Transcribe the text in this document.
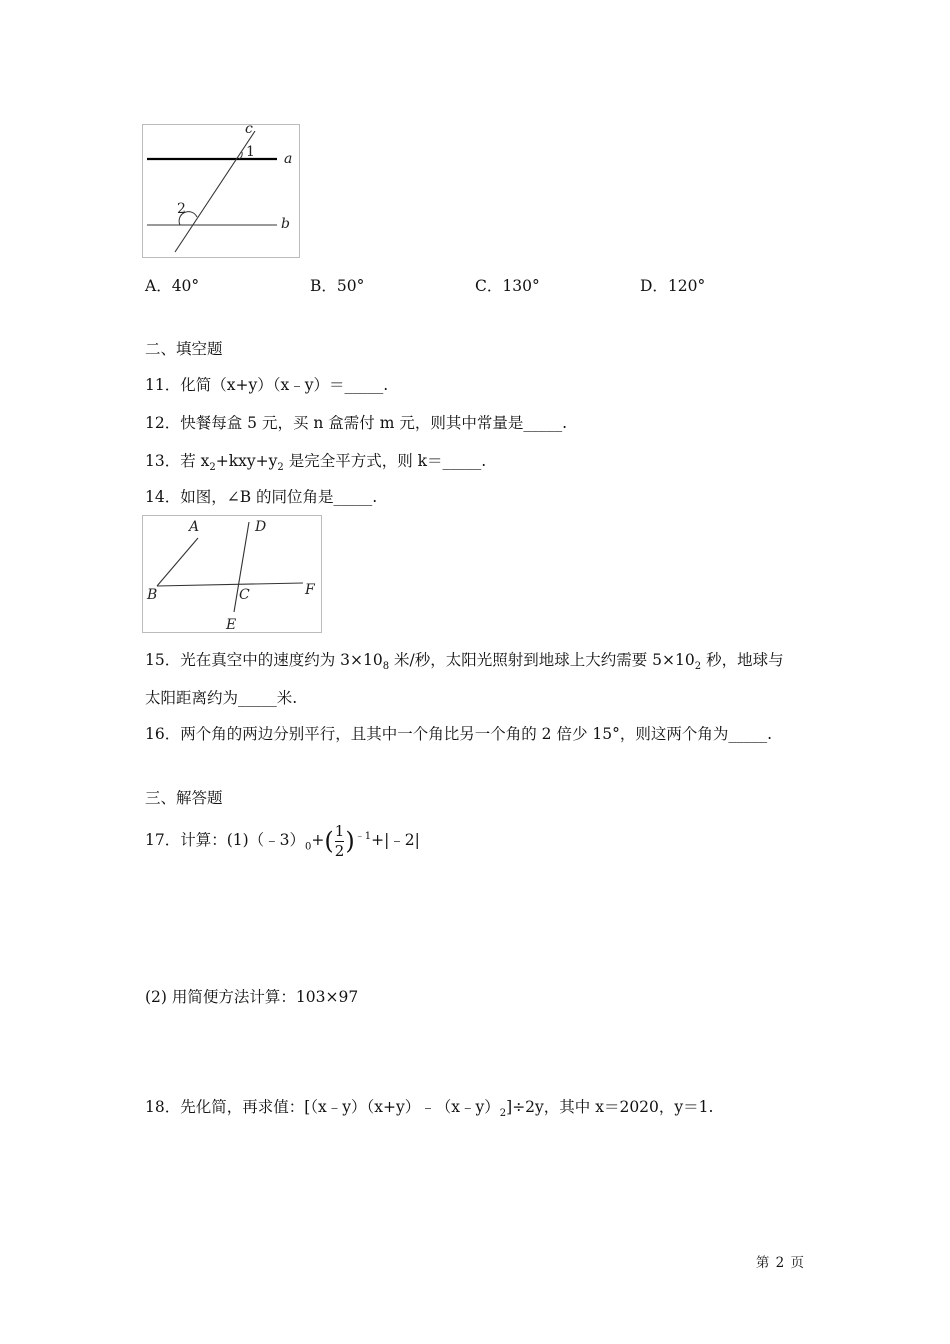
c
a
b
1
2
A．40°	B．50°	C．130°	D．120°
二、填空题
11．化简（x+y）（x﹣y）＝_____.
12．快餐每盒 5 元，买 n 盒需付 m 元，则其中常量是_____.
13．若 $x_2+kxy+y_2$ 是完全平方式，则 k＝_____.
14．如图，∠B 的同位角是_____.
A
B	C
D
E
F
15．光在真空中的速度约为 $3\times 10_8$ 米/秒，太阳光照射到地球上大约需要 $5\times 10_2$ 秒，地球与
太阳距离约为_____米.
16．两个角的两边分别平行，且其中一个角比另一个角的 2 倍少 15°，则这两个角为_____.
三、解答题
17．计算：$(1)(﹣3)_0+( \frac{1}{2}$ )$^{﹣1}$+|﹣2|
(2) 用简便方法计算：103×97
18．先化简，再求值：$[(x﹣y)(x+y)﹣(x﹣y)_2]\div 2y$，其中 x＝2020，y＝1.
第 2 页
